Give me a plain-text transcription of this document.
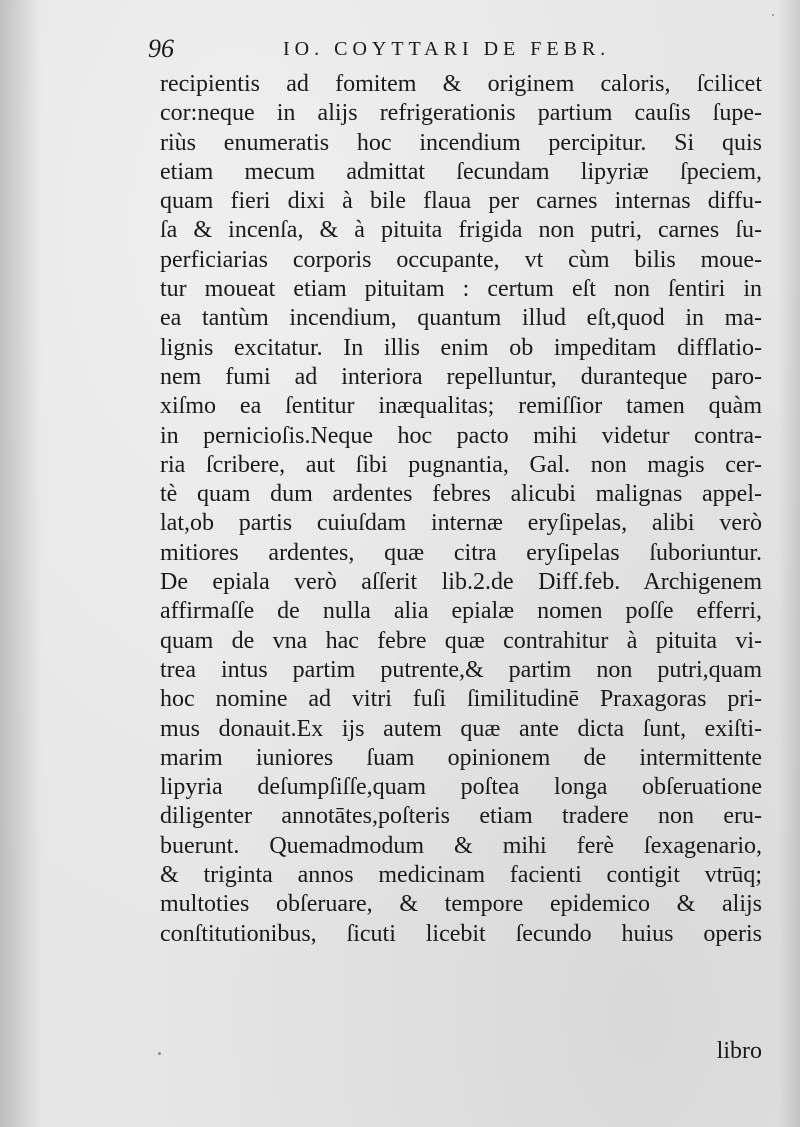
96	IO. COYTTARI DE FEBR.
recipientis ad fomitem & originem caloris, ſcilicet
cor:neque in aliјs refrigerationis partium cauſis ſupe-
riùs enumeratis hoc incendium percipitur. Si quis
etiam mecum admittat ſecundam lipyriæ ſpeciem,
quam fieri dixi à bile flaua per carnes internas diffu-
ſa & incenſa, & à pituita frigida non putri, carnes ſu-
perficiarias corporis occupante, vt cùm bilis moue-
tur moueat etiam pituitam : certum eſt non ſentiri in
ea tantùm incendium, quantum illud eſt,quod in ma-
lignis excitatur. In illis enim ob impeditam difflatio-
nem fumi ad interiora repelluntur, duranteque paro-
xiſmo ea ſentitur inæqualitas; remiſſior tamen quàm
in pernicioſis.Neque hoc pacto mihi videtur contra-
ria ſcribere, aut ſibi pugnantia, Gal. non magis cer-
tè quam dum ardentes febres alicubi malignas appel-
lat,ob partis cuiuſdam internæ eryſipelas, alibi verò
mitiores ardentes, quæ citra eryſipelas ſuboriuntur.
De epiala verò aſſerit lib.2.de Diff.feb. Archigenem
affirmaſſe de nulla alia epialæ nomen poſſe efferri,
quam de vna hac febre quæ contrahitur à pituita vi-
trea intus partim putrente,& partim non putri,quam
hoc nomine ad vitri fuſi ſimilitudinē Praxagoras pri-
mus donauit.Ex iјs autem quæ ante dicta ſunt, exiſti-
marim iuniores ſuam opinionem de intermittente
lipyria deſumpſiſſe,quam poſtea longa obſeruatione
diligenter annotātes,poſteris etiam tradere non eru-
buerunt. Quemadmodum & mihi ferè ſexagenario,
& triginta annos medicinam facienti contigit vtrūq;
multoties obſeruare, & tempore epidemico & aliјs
conſtitutionibus, ſicuti licebit ſecundo huius operis
libro
